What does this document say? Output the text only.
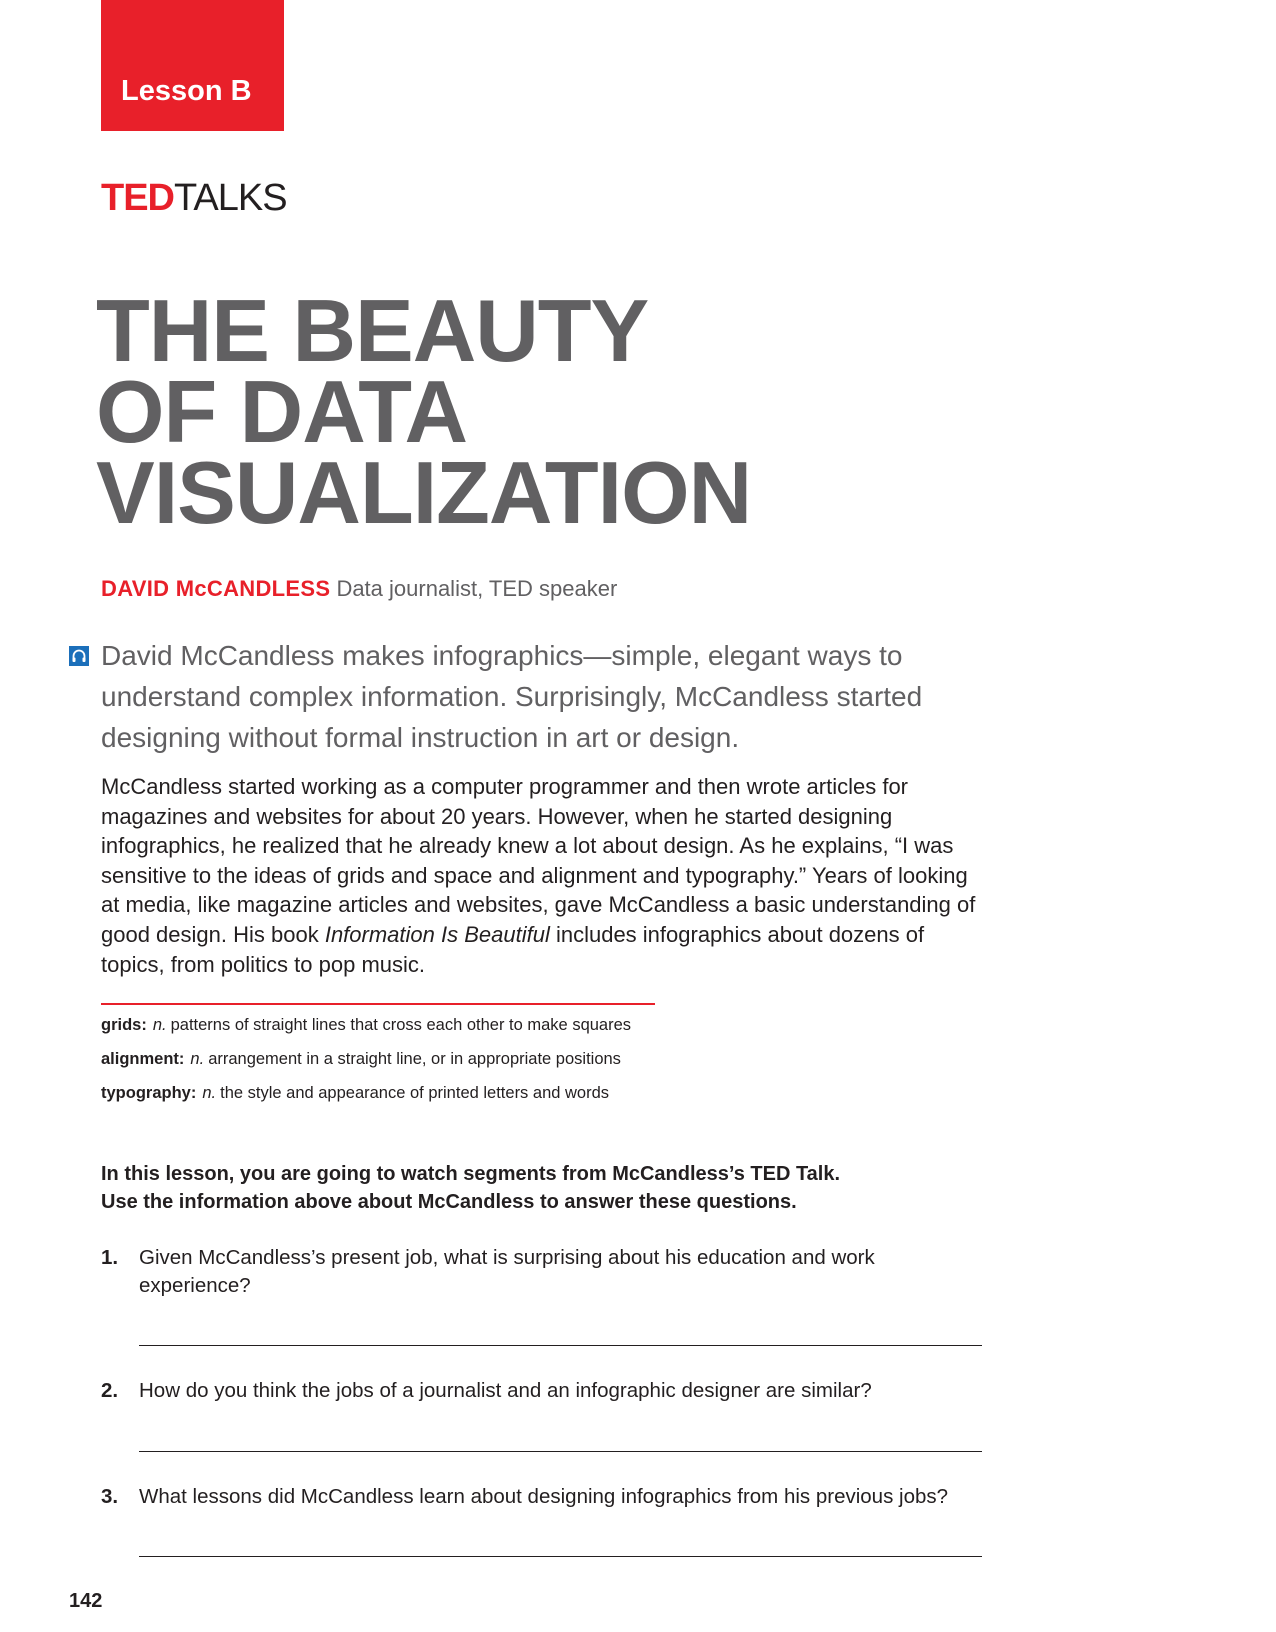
Lesson B
TEDTALKS
THE BEAUTY
OF DATA
VISUALIZATION
DAVID McCANDLESS Data journalist, TED speaker

David McCandless makes infographics—simple, elegant ways to understand complex information. Surprisingly, McCandless started designing without formal instruction in art or design.

McCandless started working as a computer programmer and then wrote articles for magazines and websites for about 20 years. However, when he started designing infographics, he realized that he already knew a lot about design. As he explains, “I was sensitive to the ideas of grids and space and alignment and typography.” Years of looking at media, like magazine articles and websites, gave McCandless a basic understanding of good design. His book Information Is Beautiful includes infographics about dozens of topics, from politics to pop music.

grids: n. patterns of straight lines that cross each other to make squares
alignment: n. arrangement in a straight line, or in appropriate positions
typography: n. the style and appearance of printed letters and words

In this lesson, you are going to watch segments from McCandless’s TED Talk.
Use the information above about McCandless to answer these questions.

1. Given McCandless’s present job, what is surprising about his education and work experience?
2. How do you think the jobs of a journalist and an infographic designer are similar?
3. What lessons did McCandless learn about designing infographics from his previous jobs?
142
